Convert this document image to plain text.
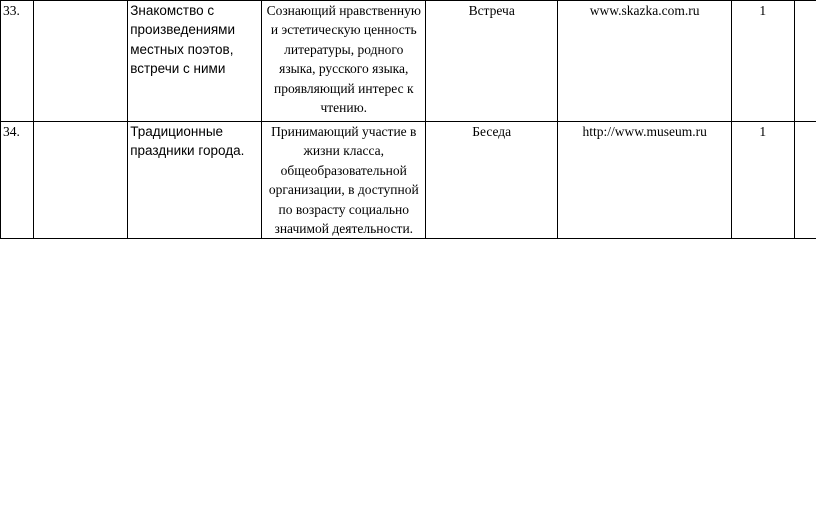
33.		Знакомство с произведениями местных поэтов, встречи с ними	Сознающий нравственную и эстетическую ценность литературы, родного языка, русского языка, проявляющий интерес к чтению.	Встреча	www.skazka.com.ru	1	
34.		Традиционные праздники города.	Принимающий участие в жизни класса, общеобразовательной организации, в доступной по возрасту социально значимой деятельности.	Беседа	http://www.museum.ru	1	
